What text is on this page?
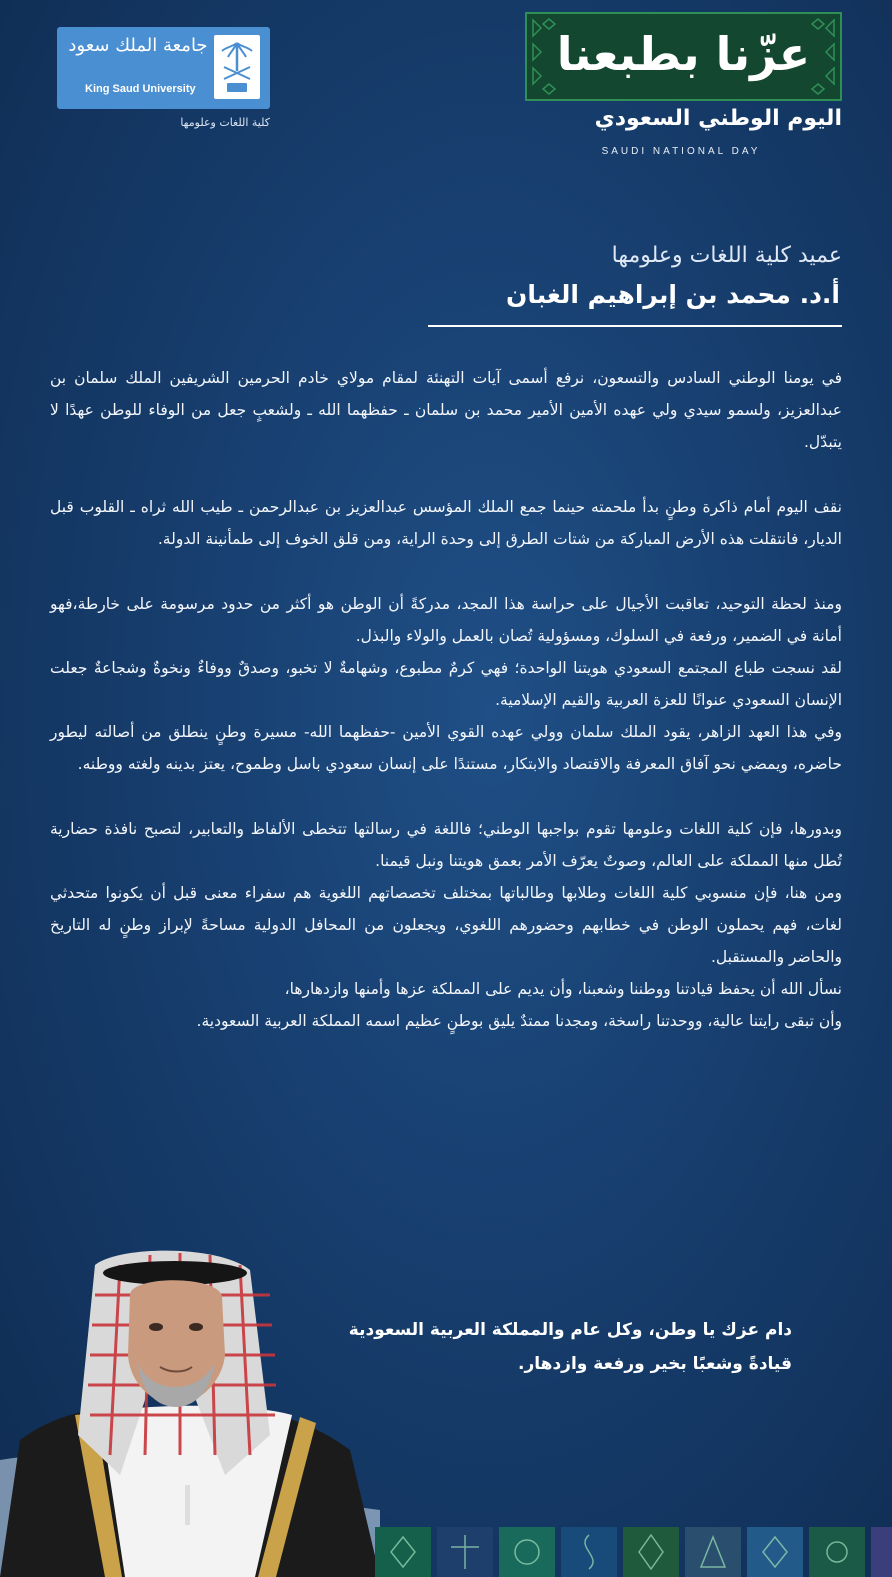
جامعة الملك سعود
King Saud University
كلية اللغات وعلومها
عزّنا بطبعنا
اليوم الوطني السعودي
SAUDI NATIONAL DAY
عميد كلية اللغات وعلومها
أ.د. محمد بن إبراهيم الغبان

في يومنا الوطني السادس والتسعون، نرفع أسمى آيات التهنئة لمقام مولاي خادم الحرمين الشريفين الملك سلمان بن عبدالعزيز، ولسمو سيدي ولي عهده الأمين الأمير محمد بن سلمان ـ حفظهما الله ـ ولشعبٍ جعل من الوفاء للوطن عهدًا لا يتبدّل.

نقف اليوم أمام ذاكرة وطنٍ بدأ ملحمته حينما جمع الملك المؤسس عبدالعزيز بن عبدالرحمن ـ طيب الله ثراه ـ القلوب قبل الديار، فانتقلت هذه الأرض المباركة من شتات الطرق إلى وحدة الراية، ومن قلق الخوف إلى طمأنينة الدولة.

ومنذ لحظة التوحيد، تعاقبت الأجيال على حراسة هذا المجد، مدركةً أن الوطن هو أكثر من حدود مرسومة على خارطة،فهو أمانة في الضمير، ورفعة في السلوك، ومسؤولية تُصان بالعمل والولاء والبذل.

لقد نسجت طباع المجتمع السعودي هويتنا الواحدة؛ فهي كرمٌ مطبوع، وشهامةٌ لا تخبو، وصدقٌ ووفاءٌ ونخوةٌ وشجاعةٌ جعلت الإنسان السعودي عنوانًا للعزة العربية والقيم الإسلامية.

وفي هذا العهد الزاهر، يقود الملك سلمان وولي عهده القوي الأمين -حفظهما الله- مسيرة وطنٍ ينطلق من أصالته ليطور حاضره، ويمضي نحو آفاق المعرفة والاقتصاد والابتكار، مستندًا على إنسان سعودي باسل وطموح، يعتز بدينه ولغته ووطنه.

وبدورها، فإن كلية اللغات وعلومها تقوم بواجبها الوطني؛ فاللغة في رسالتها تتخطى الألفاظ والتعابير، لتصبح نافذة حضارية تُطل منها المملكة على العالم، وصوتٌ يعرّف الأمر بعمق هويتنا ونبل قيمنا.

ومن هنا، فإن منسوبي كلية اللغات وطلابها وطالباتها بمختلف تخصصاتهم اللغوية هم سفراء معنى قبل أن يكونوا متحدثي لغات، فهم يحملون الوطن في خطابهم وحضورهم اللغوي، ويجعلون من المحافل الدولية مساحةً لإبراز وطنٍ له التاريخ والحاضر والمستقبل.

نسأل الله أن يحفظ قيادتنا ووطننا وشعبنا، وأن يديم على المملكة عزها وأمنها وازدهارها،

وأن تبقى رايتنا عالية، ووحدتنا راسخة، ومجدنا ممتدٌ يليق بوطنٍ عظيم اسمه المملكة العربية السعودية.

دام عزك يا وطن، وكل عام والمملكة العربية السعودية
قيادةً وشعبًا بخير ورفعة وازدهار.
